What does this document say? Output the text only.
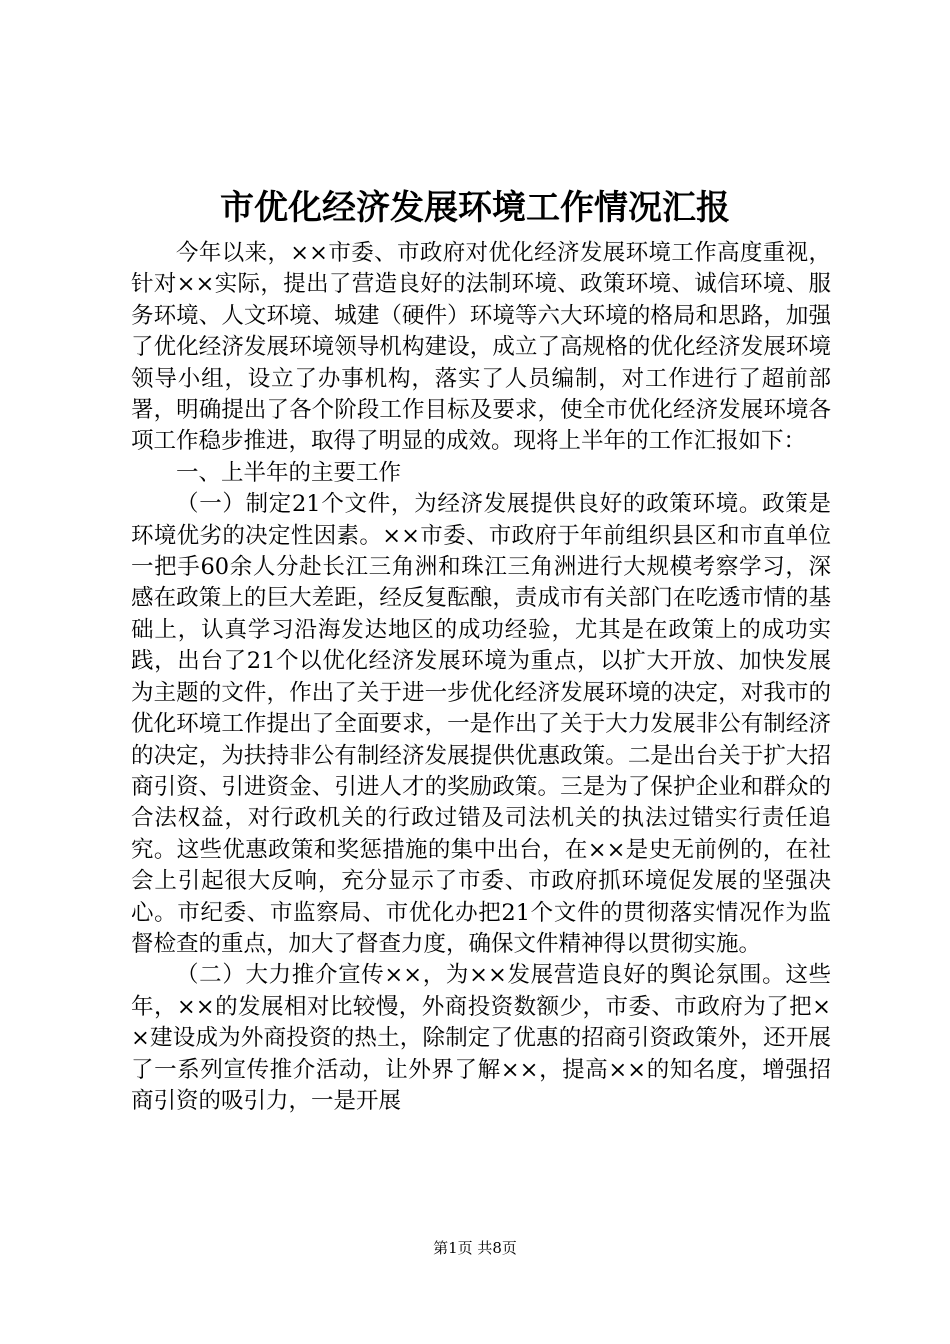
市优化经济发展环境工作情况汇报

今年以来，××市委、市政府对优化经济发展环境工作高度重视，针对××实际，提出了营造良好的法制环境、政策环境、诚信环境、服务环境、人文环境、城建（硬件）环境等六大环境的格局和思路，加强了优化经济发展环境领导机构建设，成立了高规格的优化经济发展环境领导小组，设立了办事机构，落实了人员编制，对工作进行了超前部署，明确提出了各个阶段工作目标及要求，使全市优化经济发展环境各项工作稳步推进，取得了明显的成效。现将上半年的工作汇报如下：

一、上半年的主要工作

（一）制定21个文件，为经济发展提供良好的政策环境。政策是环境优劣的决定性因素。××市委、市政府于年前组织县区和市直单位一把手60余人分赴长江三角洲和珠江三角洲进行大规模考察学习，深感在政策上的巨大差距，经反复酝酿，责成市有关部门在吃透市情的基础上，认真学习沿海发达地区的成功经验，尤其是在政策上的成功实践，出台了21个以优化经济发展环境为重点，以扩大开放、加快发展为主题的文件，作出了关于进一步优化经济发展环境的决定，对我市的优化环境工作提出了全面要求，一是作出了关于大力发展非公有制经济的决定，为扶持非公有制经济发展提供优惠政策。二是出台关于扩大招商引资、引进资金、引进人才的奖励政策。三是为了保护企业和群众的合法权益，对行政机关的行政过错及司法机关的执法过错实行责任追究。这些优惠政策和奖惩措施的集中出台，在××是史无前例的，在社会上引起很大反响，充分显示了市委、市政府抓环境促发展的坚强决心。市纪委、市监察局、市优化办把21个文件的贯彻落实情况作为监督检查的重点，加大了督查力度，确保文件精神得以贯彻实施。

（二）大力推介宣传××，为××发展营造良好的舆论氛围。这些年，××的发展相对比较慢，外商投资数额少，市委、市政府为了把××建设成为外商投资的热土，除制定了优惠的招商引资政策外，还开展了一系列宣传推介活动，让外界了解××，提高××的知名度，增强招商引资的吸引力，一是开展

第1页 共8页
